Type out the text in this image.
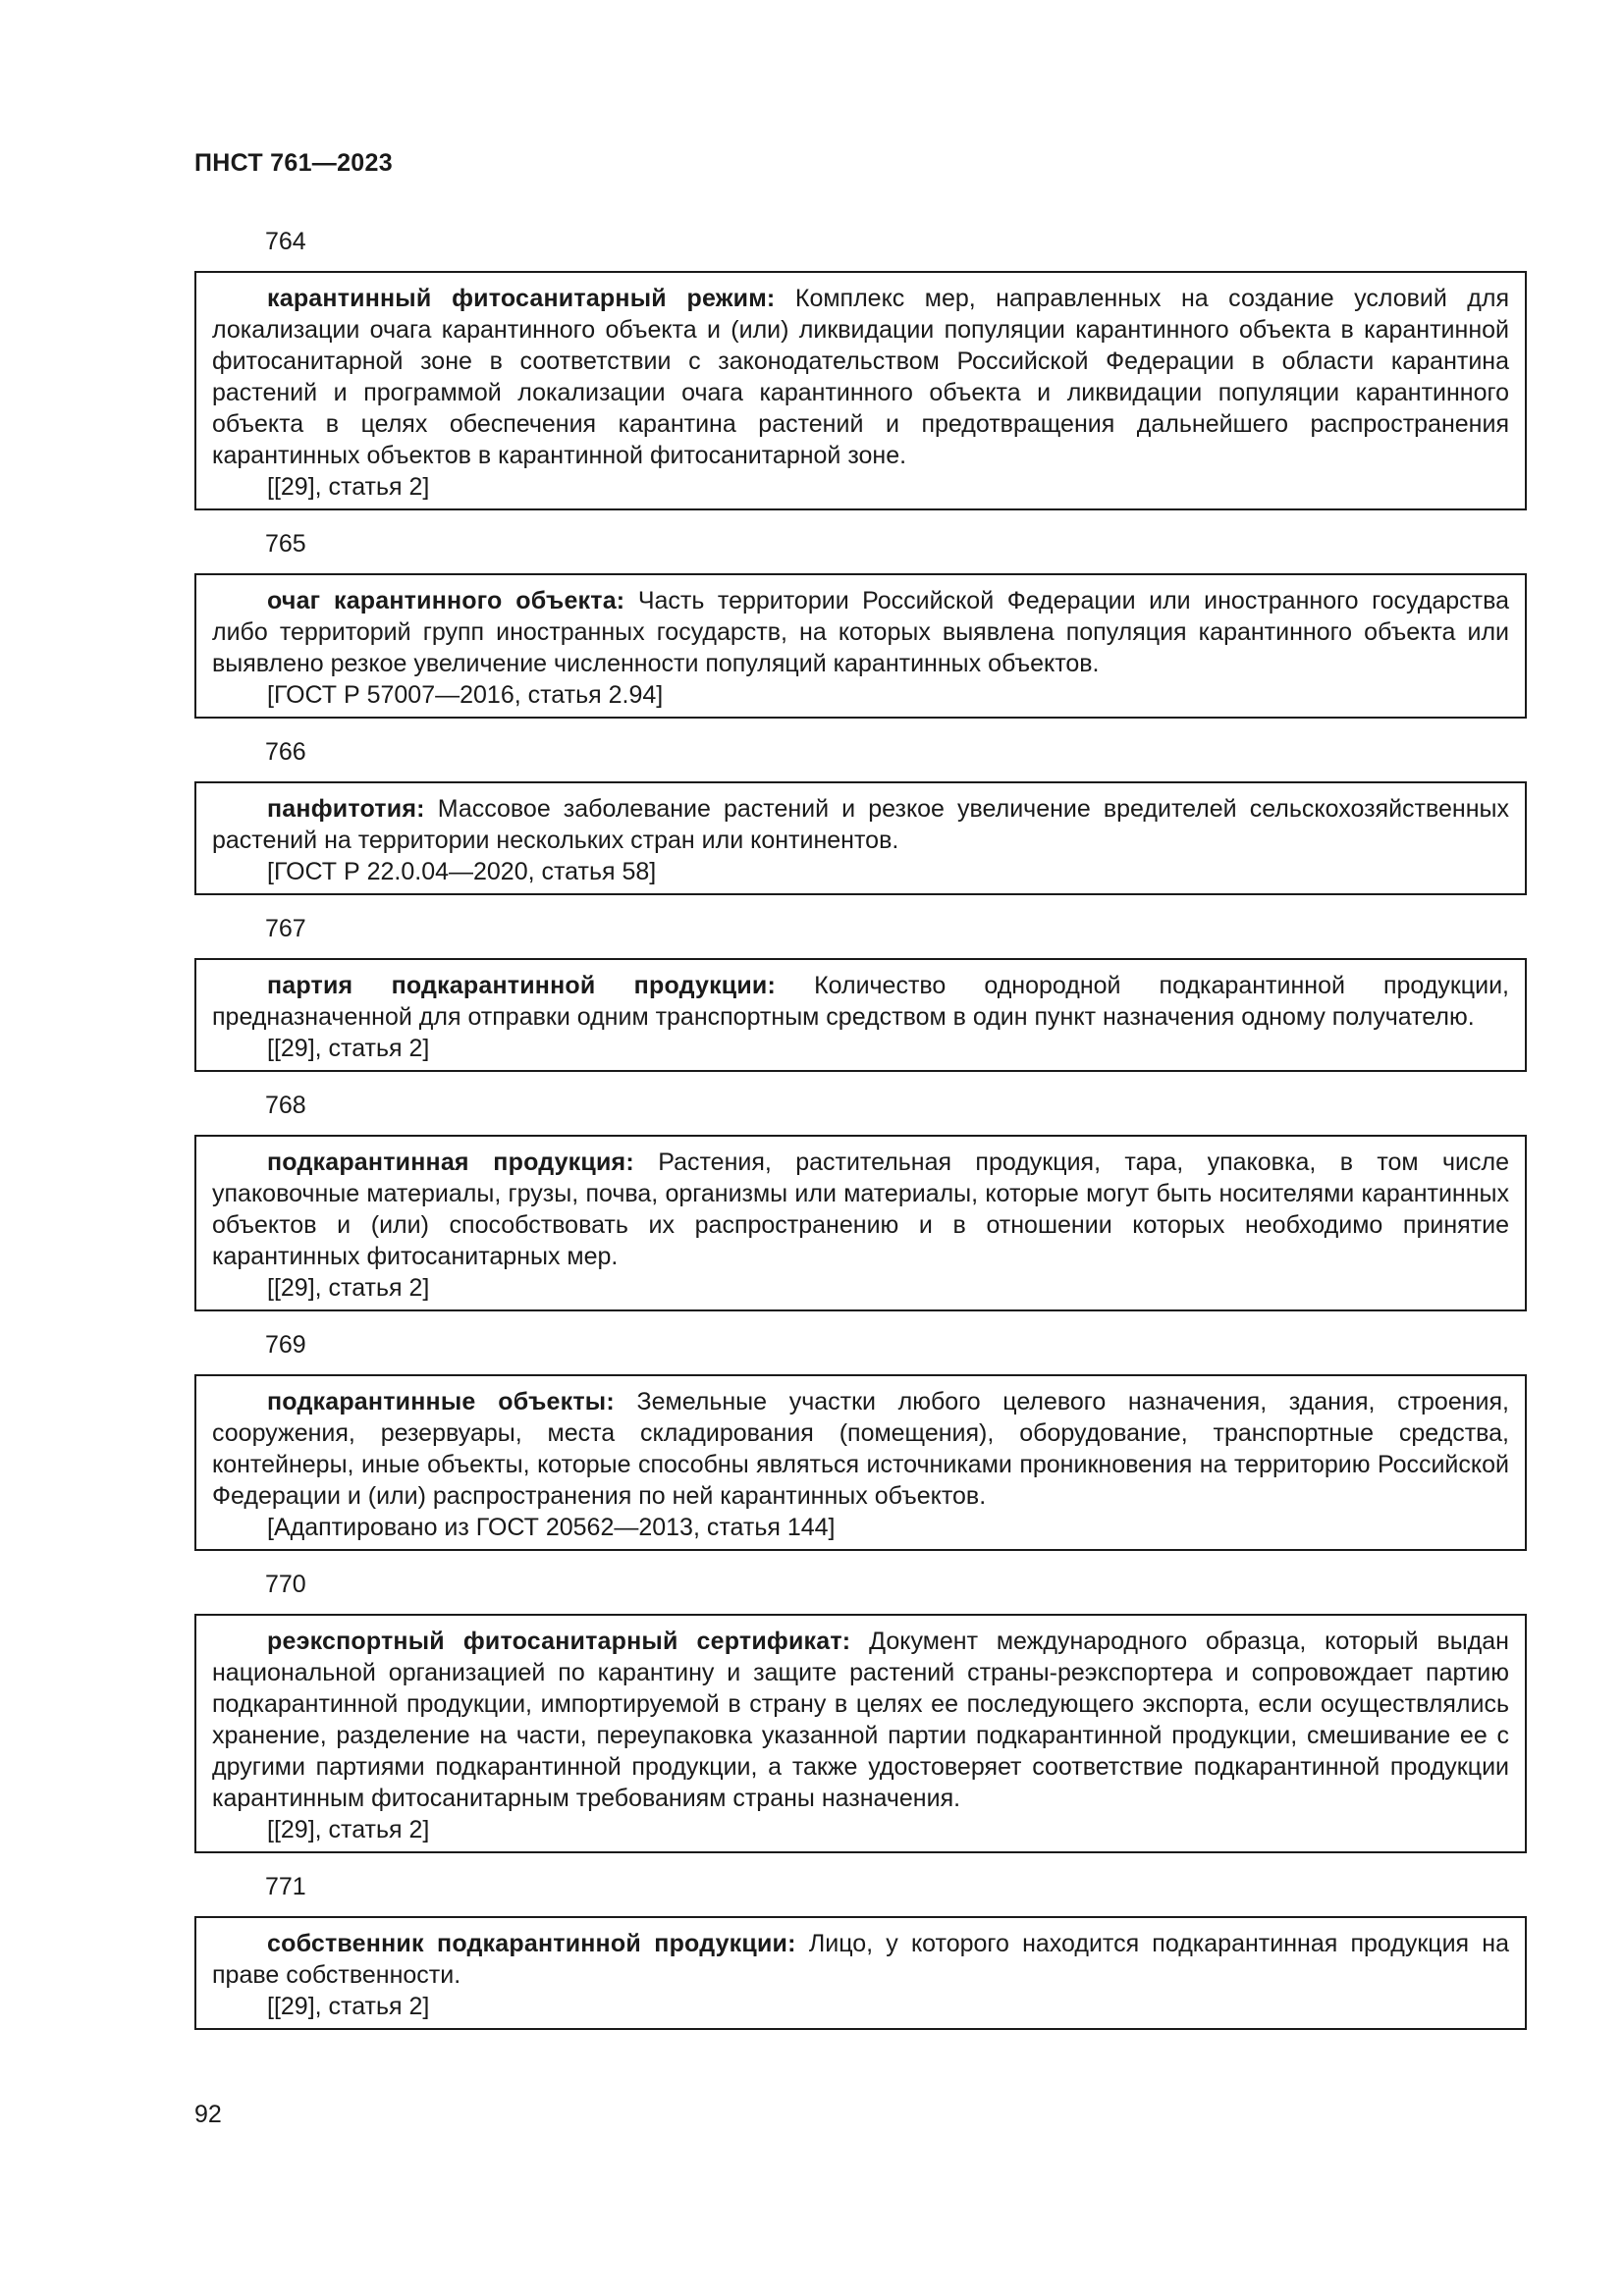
ПНСТ 761—2023
764

карантинный фитосанитарный режим: Комплекс мер, направленных на создание условий для локализации очага карантинного объекта и (или) ликвидации популяции карантинного объекта в карантинной фитосанитарной зоне в соответствии с законодательством Российской Федерации в области карантина растений и программой локализации очага карантинного объекта и ликвидации популяции карантинного объекта в целях обеспечения карантина растений и предотвращения дальнейшего распространения карантинных объектов в карантинной фитосанитарной зоне.

[[29], статья 2]

765

очаг карантинного объекта: Часть территории Российской Федерации или иностранного государства либо территорий групп иностранных государств, на которых выявлена популяция карантинного объекта или выявлено резкое увеличение численности популяций карантинных объектов.

[ГОСТ Р 57007—2016, статья 2.94]

766

панфитотия: Массовое заболевание растений и резкое увеличение вредителей сельскохозяйственных растений на территории нескольких стран или континентов.

[ГОСТ Р 22.0.04—2020, статья 58]

767

партия подкарантинной продукции: Количество однородной подкарантинной продукции, предназначенной для отправки одним транспортным средством в один пункт назначения одному получателю.

[[29], статья 2]

768

подкарантинная продукция: Растения, растительная продукция, тара, упаковка, в том числе упаковочные материалы, грузы, почва, организмы или материалы, которые могут быть носителями карантинных объектов и (или) способствовать их распространению и в отношении которых необходимо принятие карантинных фитосанитарных мер.

[[29], статья 2]

769

подкарантинные объекты: Земельные участки любого целевого назначения, здания, строения, сооружения, резервуары, места складирования (помещения), оборудование, транспортные средства, контейнеры, иные объекты, которые способны являться источниками проникновения на территорию Российской Федерации и (или) распространения по ней карантинных объектов.

[Адаптировано из ГОСТ 20562—2013, статья 144]

770

реэкспортный фитосанитарный сертификат: Документ международного образца, который выдан национальной организацией по карантину и защите растений страны-реэкспортера и сопровождает партию подкарантинной продукции, импортируемой в страну в целях ее последующего экспорта, если осуществлялись хранение, разделение на части, переупаковка указанной партии подкарантинной продукции, смешивание ее с другими партиями подкарантинной продукции, а также удостоверяет соответствие подкарантинной продукции карантинным фитосанитарным требованиям страны назначения.

[[29], статья 2]

771

собственник подкарантинной продукции: Лицо, у которого находится подкарантинная продукция на праве собственности.

[[29], статья 2]

92
